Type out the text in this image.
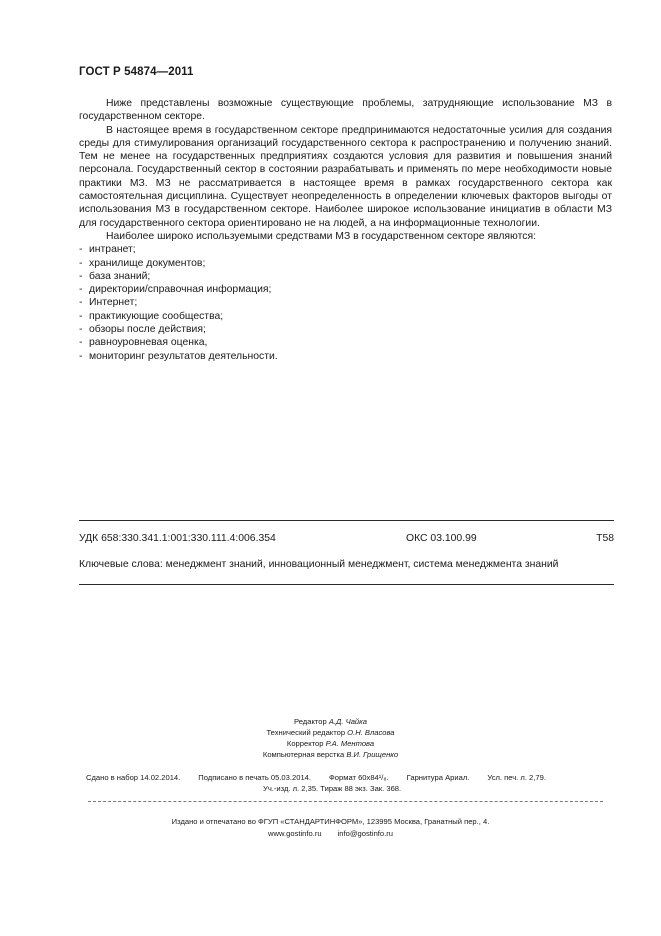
ГОСТ Р 54874—2011

Ниже представлены возможные существующие проблемы, затрудняющие использование МЗ в государственном секторе.

В настоящее время в государственном секторе предпринимаются недостаточные усилия для создания среды для стимулирования организаций государственного сектора к распространению и получению знаний. Тем не менее на государственных предприятиях создаются условия для развития и повышения знаний персонала. Государственный сектор в состоянии разрабатывать и применять по мере необходимости новые практики МЗ. МЗ не рассматривается в настоящее время в рамках государственного сектора как самостоятельная дисциплина. Существует неопределенность в определении ключевых факторов выгоды от использования МЗ в государственном секторе. Наиболее широкое использование инициатив в области МЗ для государственного сектора ориентировано не на людей, а на информационные технологии.

Наиболее широко используемыми средствами МЗ в государственном секторе являются:

- интранет;
- хранилище документов;
- база знаний;
- директории/справочная информация;
- Интернет;
- практикующие сообщества;
- обзоры после действия;
- равноуровневая оценка,
- мониторинг результатов деятельности.
УДК 658:330.341.1:001:330.111.4:006.354	ОКС 03.100.99	Т58
Ключевые слова: менеджмент знаний, инновационный менеджмент, система менеджмента знаний
Редактор А.Д. Чайка
Технический редактор О.Н. Власова
Корректор Р.А. Ментова
Компьютерная верстка В.И. Грищенко
Сдано в набор 14.02.2014. Подписано в печать 05.03.2014. Формат 60х84¹/₈. Гарнитура Ариал. Усл. печ. л. 2,79.
Уч.-изд. л. 2,35. Тираж 88 экз. Зак. 368.
Издано и отпечатано во ФГУП «СТАНДАРТИНФОРМ», 123995 Москва, Гранатный пер., 4.
www.gostinfo.ru info@gostinfo.ru
